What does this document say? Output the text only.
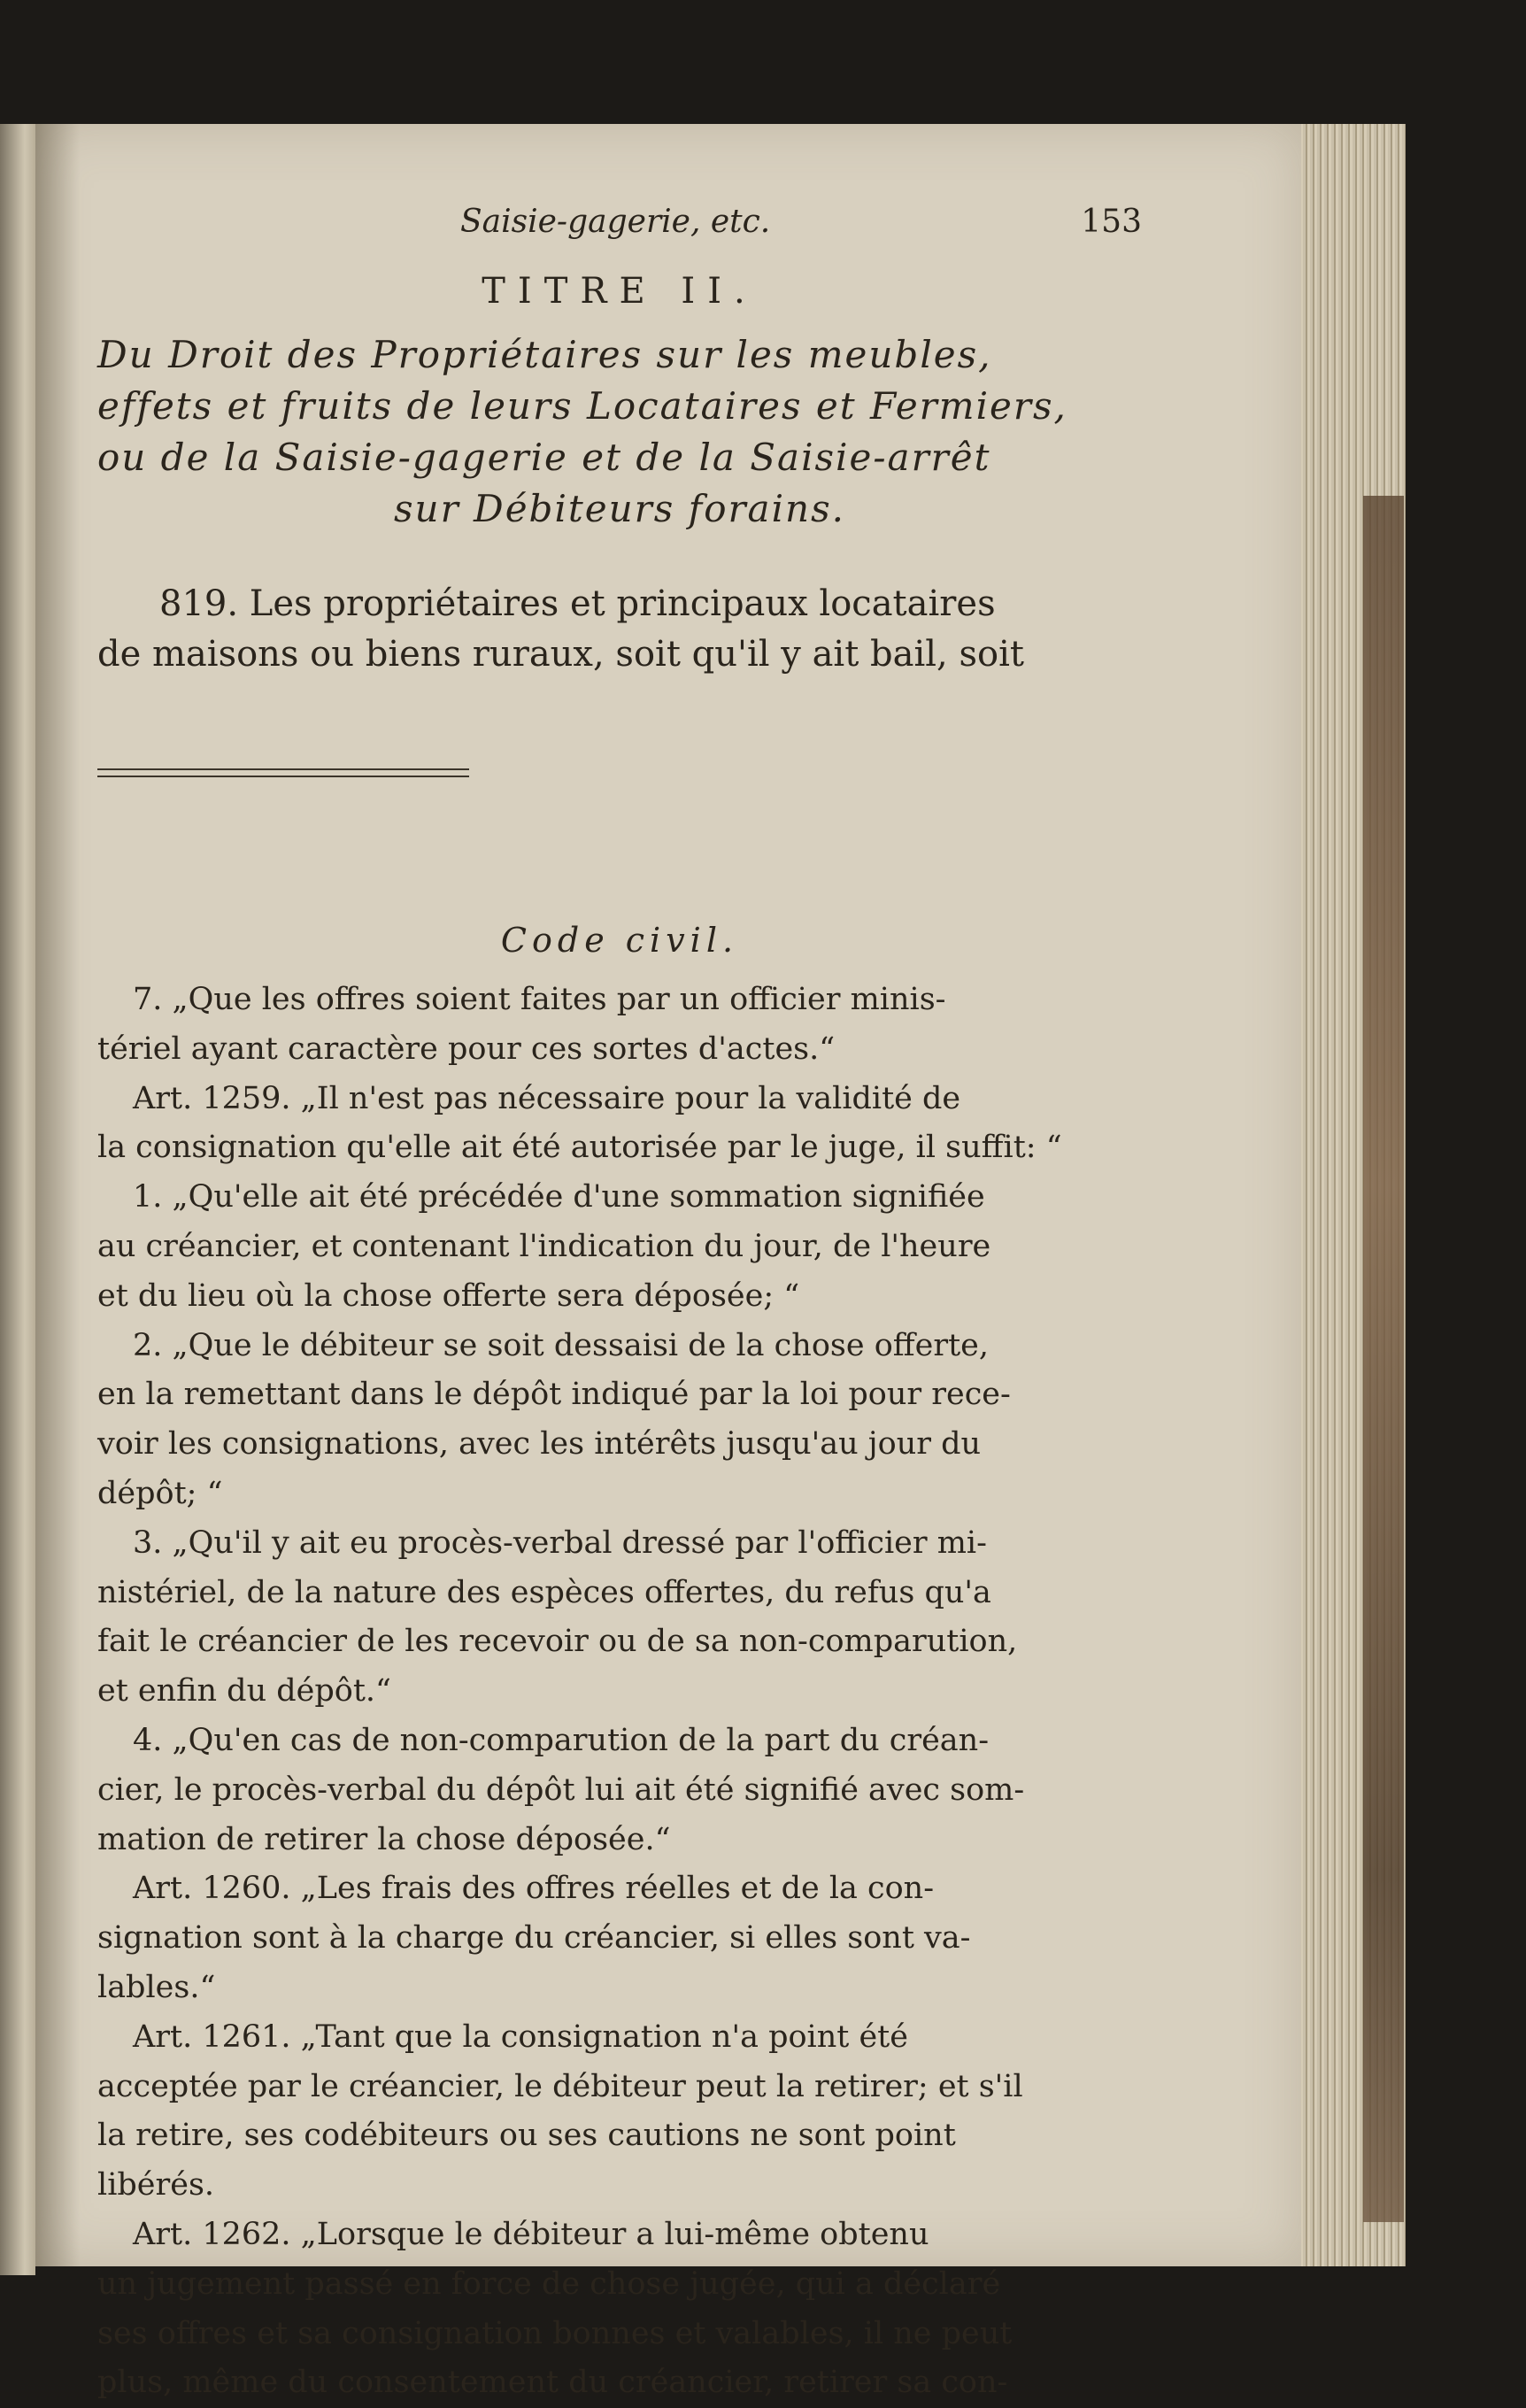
Saisie-gagerie, etc.	153
TITRE II.
Du Droit des Propriétaires sur les meubles,
effets et fruits de leurs Locataires et Fermiers,
ou de la Saisie-gagerie et de la Saisie-arrêt
sur Débiteurs forains.
819. Les propriétaires et principaux locataires
de maisons ou biens ruraux, soit qu'il y ait bail, soit
Code civil.
7. „Que les offres soient faites par un officier minis-
tériel ayant caractère pour ces sortes d'actes.“
Art. 1259. „Il n'est pas nécessaire pour la validité de
la consignation qu'elle ait été autorisée par le juge, il suffit: “
1. „Qu'elle ait été précédée d'une sommation signifiée
au créancier, et contenant l'indication du jour, de l'heure
et du lieu où la chose offerte sera déposée; “
2. „Que le débiteur se soit dessaisi de la chose offerte,
en la remettant dans le dépôt indiqué par la loi pour rece-
voir les consignations, avec les intérêts jusqu'au jour du
dépôt; “
3. „Qu'il y ait eu procès-verbal dressé par l'officier mi-
nistériel, de la nature des espèces offertes, du refus qu'a
fait le créancier de les recevoir ou de sa non-comparution,
et enfin du dépôt.“
4. „Qu'en cas de non-comparution de la part du créan-
cier, le procès-verbal du dépôt lui ait été signifié avec som-
mation de retirer la chose déposée.“
Art. 1260. „Les frais des offres réelles et de la con-
signation sont à la charge du créancier, si elles sont va-
lables.“
Art. 1261. „Tant que la consignation n'a point été
acceptée par le créancier, le débiteur peut la retirer; et s'il
la retire, ses codébiteurs ou ses cautions ne sont point
libérés.
Art. 1262. „Lorsque le débiteur a lui-même obtenu
un jugement passé en force de chose jugée, qui a déclaré
ses offres et sa consignation bonnes et valables, il ne peut
plus, même du consentement du créancier, retirer sa con-
